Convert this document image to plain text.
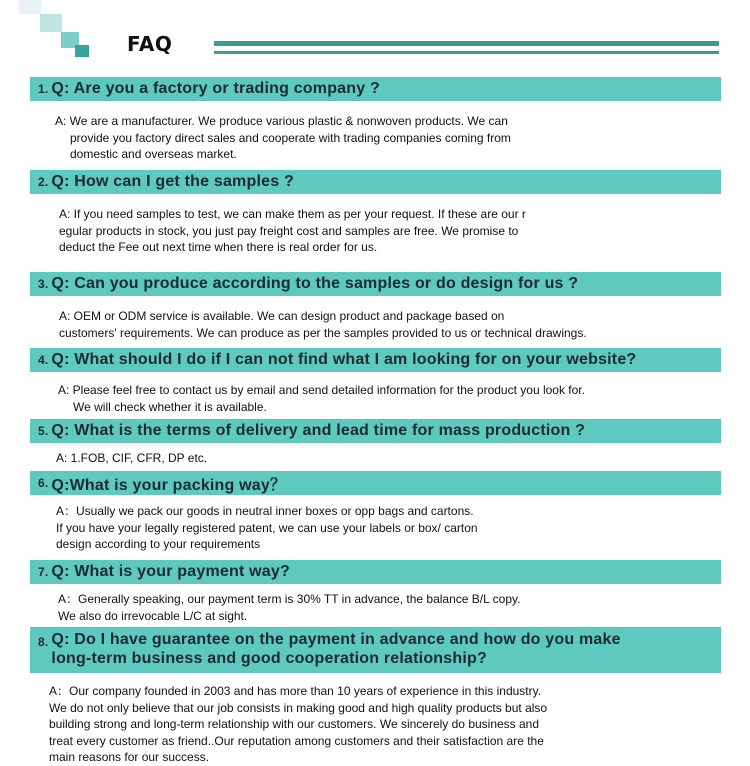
FAQ
1. Q: Are you a factory or trading company ?
A: We are a manufacturer. We produce various plastic & nonwoven products. We can
provide you factory direct sales and cooperate with trading companies coming from
domestic and overseas market.
2. Q: How can I get the samples ?
A: If you need samples to test, we can make them as per your request. If these are our r
egular products in stock, you just pay freight cost and samples are free. We promise to
deduct the Fee out next time when there is real order for us.
3. Q: Can you produce according to the samples or do design for us ?
A: OEM or ODM service is available. We can design product and package based on
customers' requirements. We can produce as per the samples provided to us or technical drawings.
4. Q: What should I do if I can not find what I am looking for on your website?
A: Please feel free to contact us by email and send detailed information for the product you look for.
We will check whether it is available.
5. Q: What is the terms of delivery and lead time for mass production ?
A: 1.FOB, CIF, CFR, DP etc.
6. Q:What is your packing way？
A：Usually we pack our goods in neutral inner boxes or opp bags and cartons.
If you have your legally registered patent, we can use your labels or box/ carton
design according to your requirements
7. Q: What is your payment way?
A：Generally speaking, our payment term is 30% TT in advance, the balance B/L copy.
We also do irrevocable L/C at sight.
8. Q: Do I have guarantee on the payment in advance and how do you make
long-term business and good cooperation relationship?
A：Our company founded in 2003 and has more than 10 years of experience in this industry.
We do not only believe that our job consists in making good and high quality products but also
building strong and long-term relationship with our customers. We sincerely do business and
treat every customer as friend..Our reputation among customers and their satisfaction are the
main reasons for our success.
